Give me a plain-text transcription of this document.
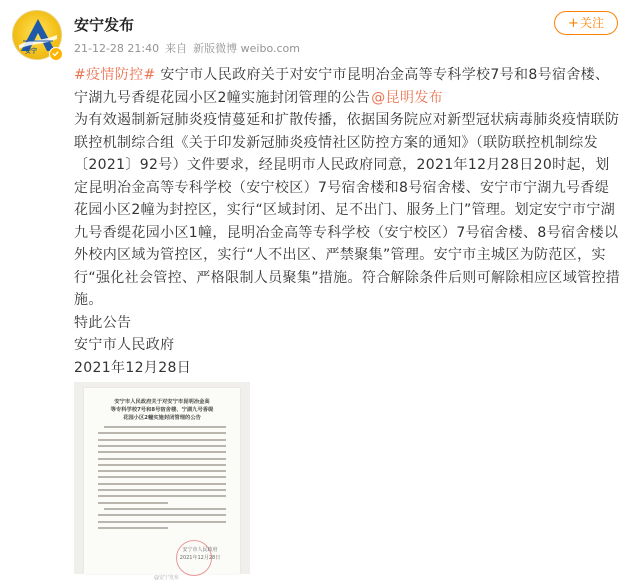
安宁
安宁发布
21-12-28 21:40 来自 新版微博 weibo.com
+关注

#疫情防控# 安宁市人民政府关于对安宁市昆明冶金高等专科学校7号和8号宿舍楼、宁湖九号香缇花园小区2幢实施封闭管理的公告@昆明发布

为有效遏制新冠肺炎疫情蔓延和扩散传播，依据国务院应对新型冠状病毒肺炎疫情联防联控机制综合组《关于印发新冠肺炎疫情社区防控方案的通知》（联防联控机制综发〔2021〕92号）文件要求，经昆明市人民政府同意，2021年12月28日20时起，划定昆明冶金高等专科学校（安宁校区）7号宿舍楼和8号宿舍楼、安宁市宁湖九号香缇花园小区2幢为封控区，实行“区域封闭、足不出门、服务上门”管理。划定安宁市宁湖九号香缇花园小区1幢，昆明冶金高等专科学校（安宁校区）7号宿舍楼、8号宿舍楼以外校内区域为管控区，实行“人不出区、严禁聚集”管理。安宁市主城区为防范区，实行“强化社会管控、严格限制人员聚集”措施。符合解除条件后则可解除相应区域管控措施。

特此公告

安宁市人民政府

2021年12月28日

安宁市人民政府关于对安宁市昆明冶金高
等专科学校7号和8号宿舍楼、宁湖九号香缇
花园小区2幢实施封闭管理的公告
安宁市人民政府
2021年12月28日
@安宁发布
